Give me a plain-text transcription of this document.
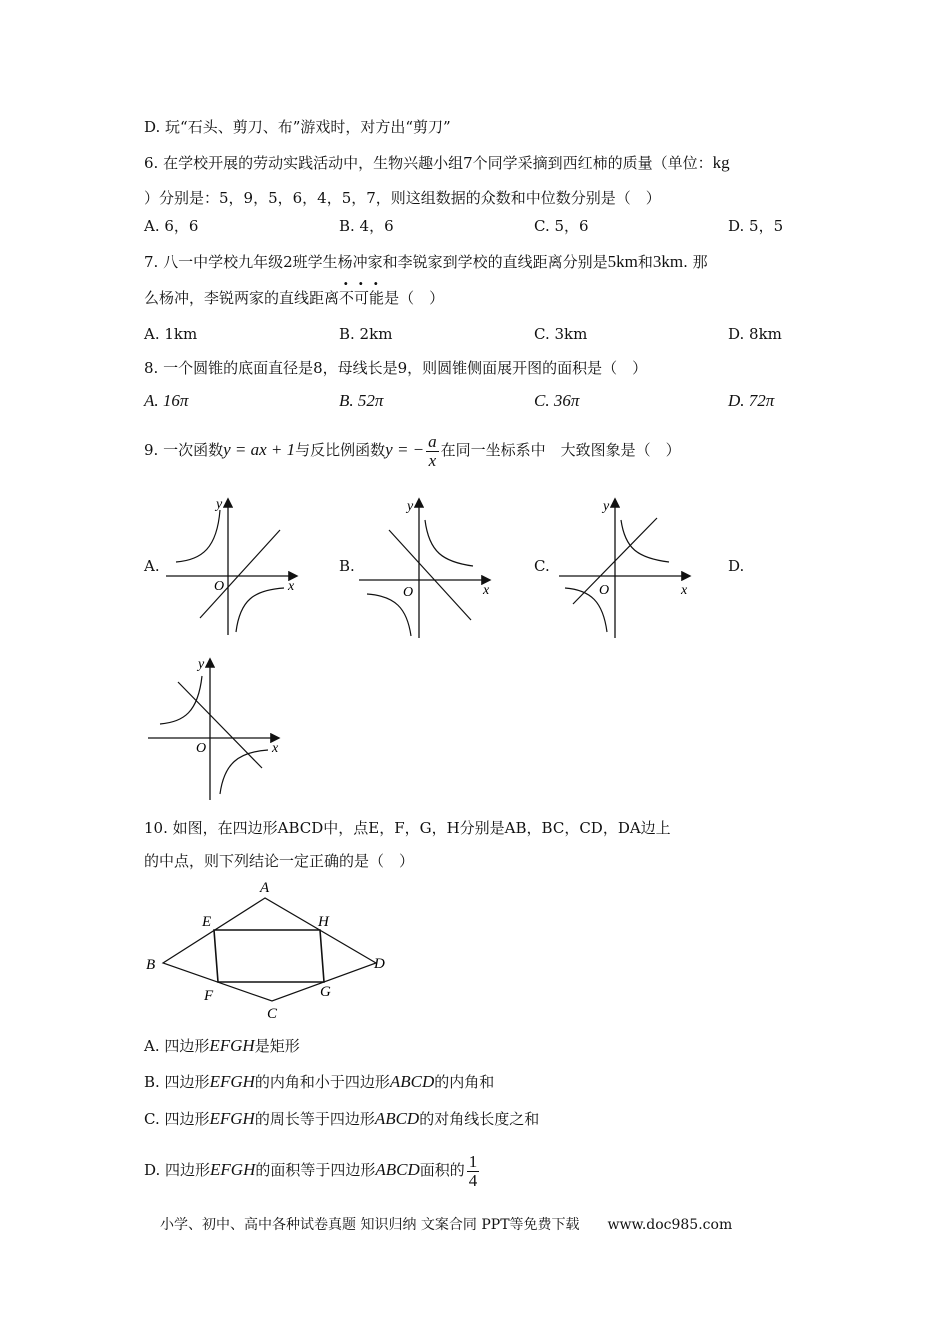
D. 玩“石头、剪刀、布”游戏时，对方出“剪刀”
6. 在学校开展的劳动实践活动中，生物兴趣小组7个同学采摘到西红柿的质量（单位：kg
）分别是：5，9，5，6，4，5，7，则这组数据的众数和中位数分别是（　）
A. 6，6	B. 4，6	C. 5，6	D. 5，5
7. 八一中学校九年级2班学生杨冲家和李锐家到学校的直线距离分别是5km和3km. 那
么杨冲，李锐两家的直线距离不可能是（　）
A. 1km	B. 2km	C. 3km	D. 8km
8. 一个圆锥的底面直径是8，母线长是9，则圆锥侧面展开图的面积是（　）
A. 16π	B. 52π	C. 36π	D. 72π
9. 一次函数y = ax + 1与反比例函数y = − $\frac{a}{x}$ 在同一坐标系中　大致图象是（　）
A.	B.	C.	D.
O	x
y
O	x
y
O	x
y
O	x
y
10. 如图，在四边形ABCD中，点E，F，G，H分别是AB，BC，CD，DA边上
的中点，则下列结论一定正确的是（　）
A
B
C
D
E
F	G
H
A. 四边形EFGH是矩形
B. 四边形EFGH的内角和小于四边形ABCD的内角和
C. 四边形EFGH的周长等于四边形ABCD的对角线长度之和
D. 四边形EFGH的面积等于四边形ABCD面积的 $\frac{1}{4}$
小学、初中、高中各种试卷真题 知识归纳 文案合同 PPT等免费下载　　www.doc985.com
